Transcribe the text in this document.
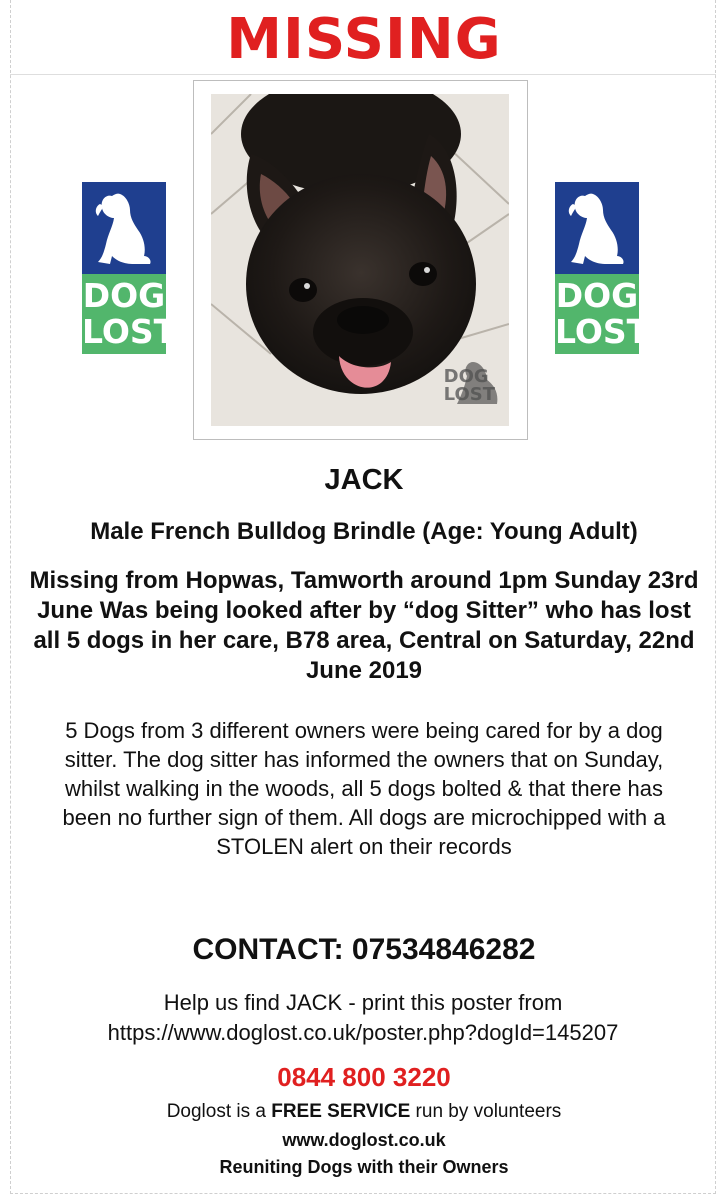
MISSING
DOG
LOST
DOG
LOST
DOG
LOST
JACK
Male French Bulldog Brindle (Age: Young Adult)
Missing from Hopwas, Tamworth around 1pm Sunday 23rd June Was being looked after by “dog Sitter” who has lost all 5 dogs in her care, B78 area, Central on Saturday, 22nd June 2019
5 Dogs from 3 different owners were being cared for by a dog sitter. The dog sitter has informed the owners that on Sunday, whilst walking in the woods, all 5 dogs bolted & that there has been no further sign of them. All dogs are microchipped with a STOLEN alert on their records
CONTACT: 07534846282
Help us find JACK - print this poster from
https://www.doglost.co.uk/poster.php?dogId=145207
0844 800 3220
Doglost is a FREE SERVICE run by volunteers
www.doglost.co.uk
Reuniting Dogs with their Owners
